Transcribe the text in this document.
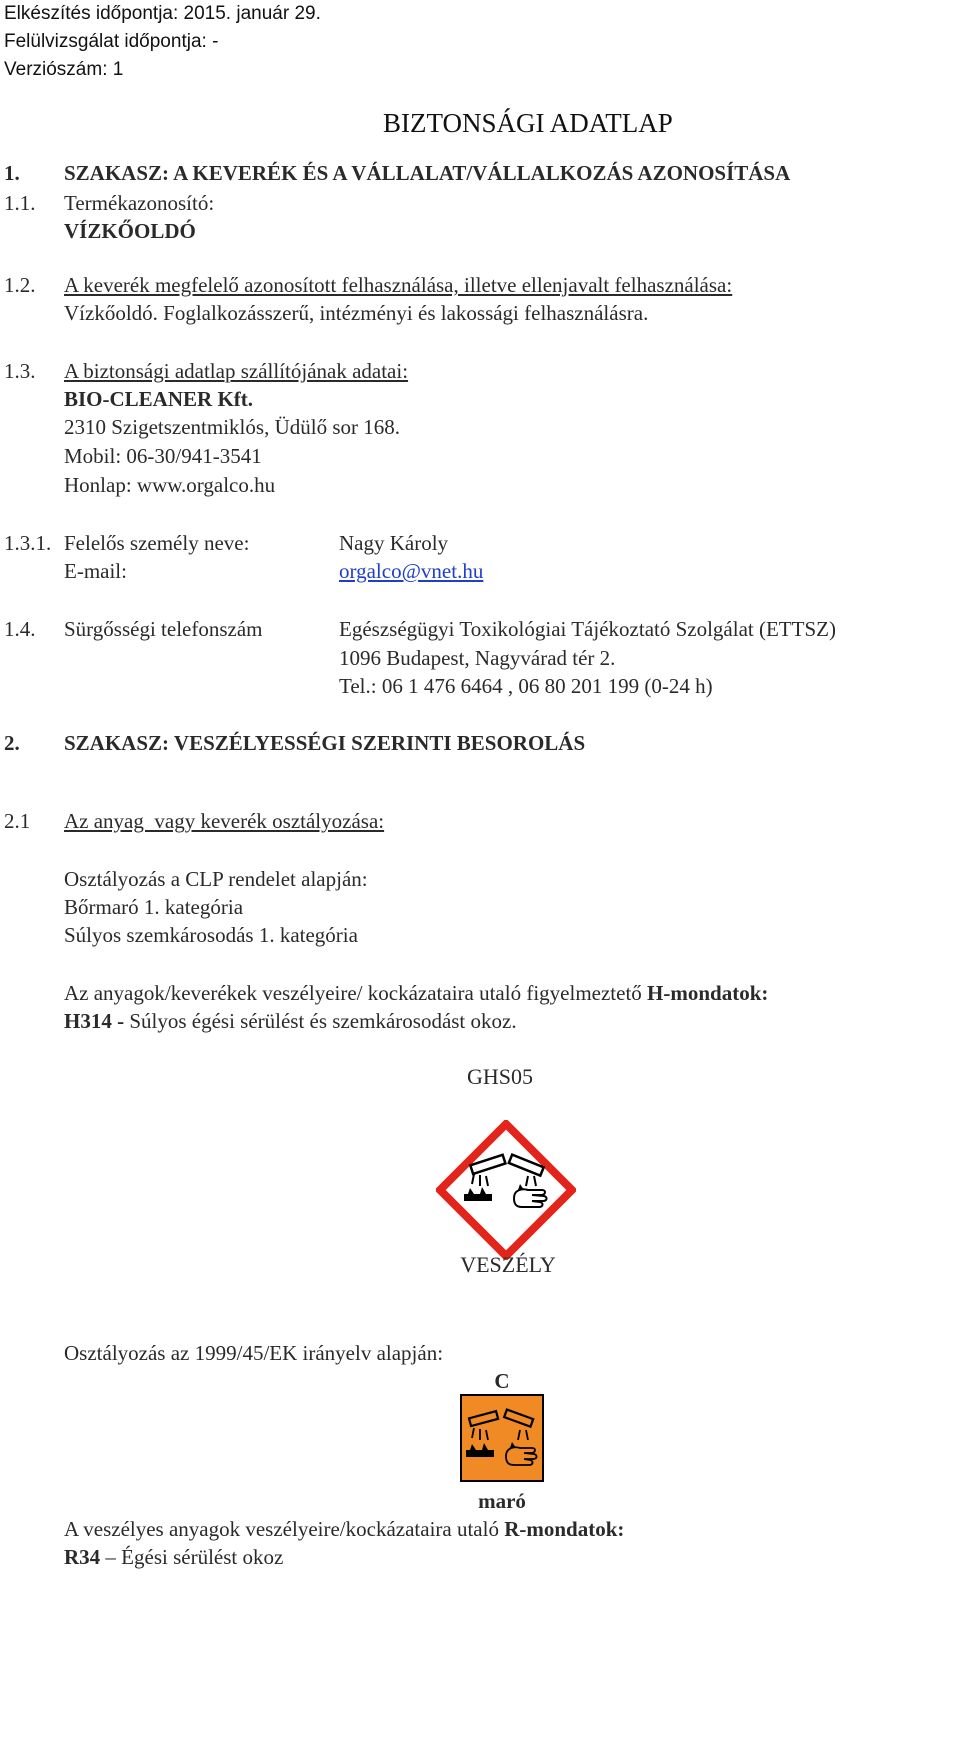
Elkészítés időpontja: 2015. január 29.
Felülvizsgálat időpontja: -
Verziószám: 1
BIZTONSÁGI ADATLAP
1. SZAKASZ: A KEVERÉK ÉS A VÁLLALAT/VÁLLALKOZÁS AZONOSÍTÁSA
1.1. Termékazonosító:
VÍZKŐOLDÓ
1.2. A keverék megfelelő azonosított felhasználása, illetve ellenjavalt felhasználása:
Vízkőoldó. Foglalkozásszerű, intézményi és lakossági felhasználásra.
1.3. A biztonsági adatlap szállítójának adatai:
BIO-CLEANER Kft.
2310 Szigetszentmiklós, Üdülő sor 168.
Mobil: 06-30/941-3541
Honlap: www.orgalco.hu
1.3.1. Felelős személy neve:	Nagy Károly
E-mail:	orgalco@vnet.hu
1.4. Sürgősségi telefonszám	Egészségügyi Toxikológiai Tájékoztató Szolgálat (ETTSZ)
1096 Budapest, Nagyvárad tér 2.
Tel.: 06 1 476 6464 , 06 80 201 199 (0-24 h)
2. SZAKASZ: VESZÉLYESSÉGI SZERINTI BESOROLÁS
2.1 Az anyag  vagy keverék osztályozása:
Osztályozás a CLP rendelet alapján:
Bőrmaró 1. kategória
Súlyos szemkárosodás 1. kategória
Az anyagok/keverékek veszélyeire/ kockázataira utaló figyelmeztető H-mondatok:
H314 - Súlyos égési sérülést és szemkárosodást okoz.
GHS05
VESZÉLY
Osztályozás az 1999/45/EK irányelv alapján:
C
maró
A veszélyes anyagok veszélyeire/kockázataira utaló R-mondatok:
R34 – Égési sérülést okoz
